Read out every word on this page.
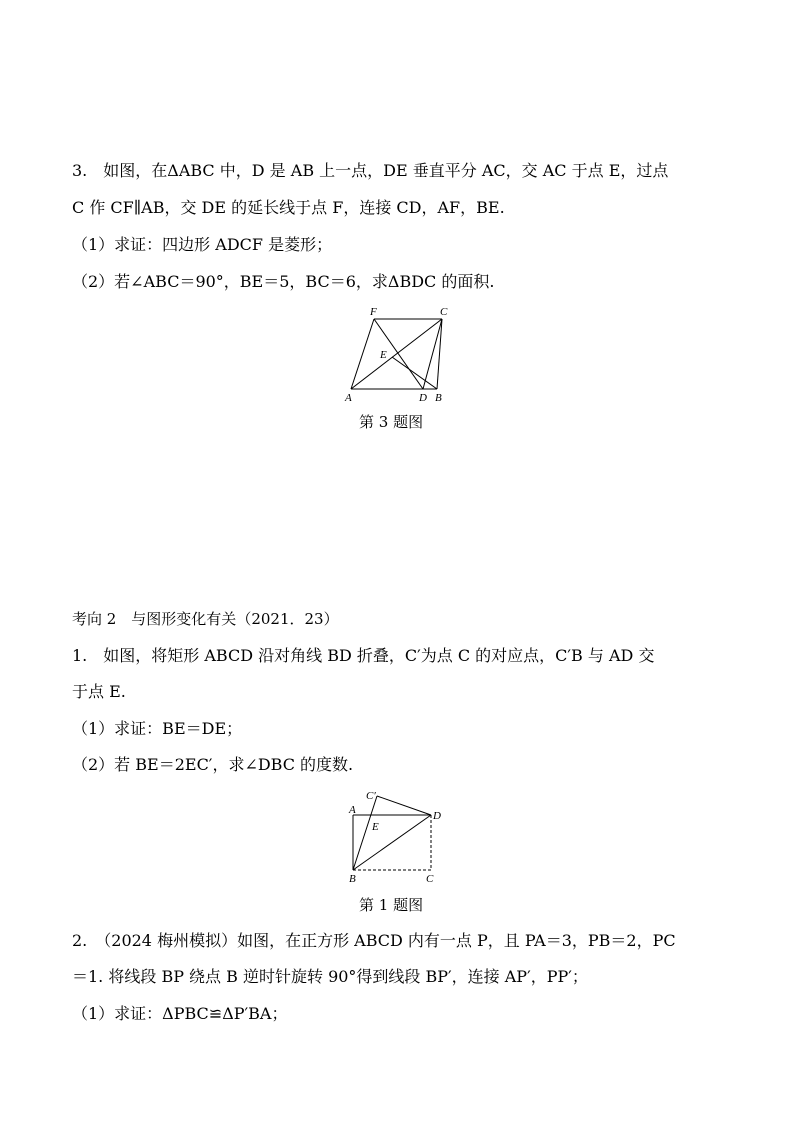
3.　如图，在ΔABC 中，D 是 AB 上一点，DE 垂直平分 AC，交 AC 于点 E，过点
C 作 CF∥AB，交 DE 的延长线于点 F，连接 CD，AF，BE.
（1）求证：四边形 ADCF 是菱形；
（2）若∠ABC＝90°，BE＝5，BC＝6，求ΔBDC 的面积.
F	C
E
A	D B
第 3 题图
考向 2　与图形变化有关（2021．23）
1.　如图，将矩形 ABCD 沿对角线 BD 折叠，C′为点 C 的对应点，C′B 与 AD 交
于点 E.
（1）求证：BE＝DE；
（2）若 BE＝2EC′，求∠DBC 的度数.
C′
A	D
E
B	C
第 1 题图
2.　（2024 梅州模拟）如图，在正方形 ABCD 内有一点 P，且 PA＝3，PB＝2，PC
＝1. 将线段 BP 绕点 B 逆时针旋转 90°得到线段 BP′，连接 AP′，PP′；
（1）求证：ΔPBC≌ΔP′BA；
